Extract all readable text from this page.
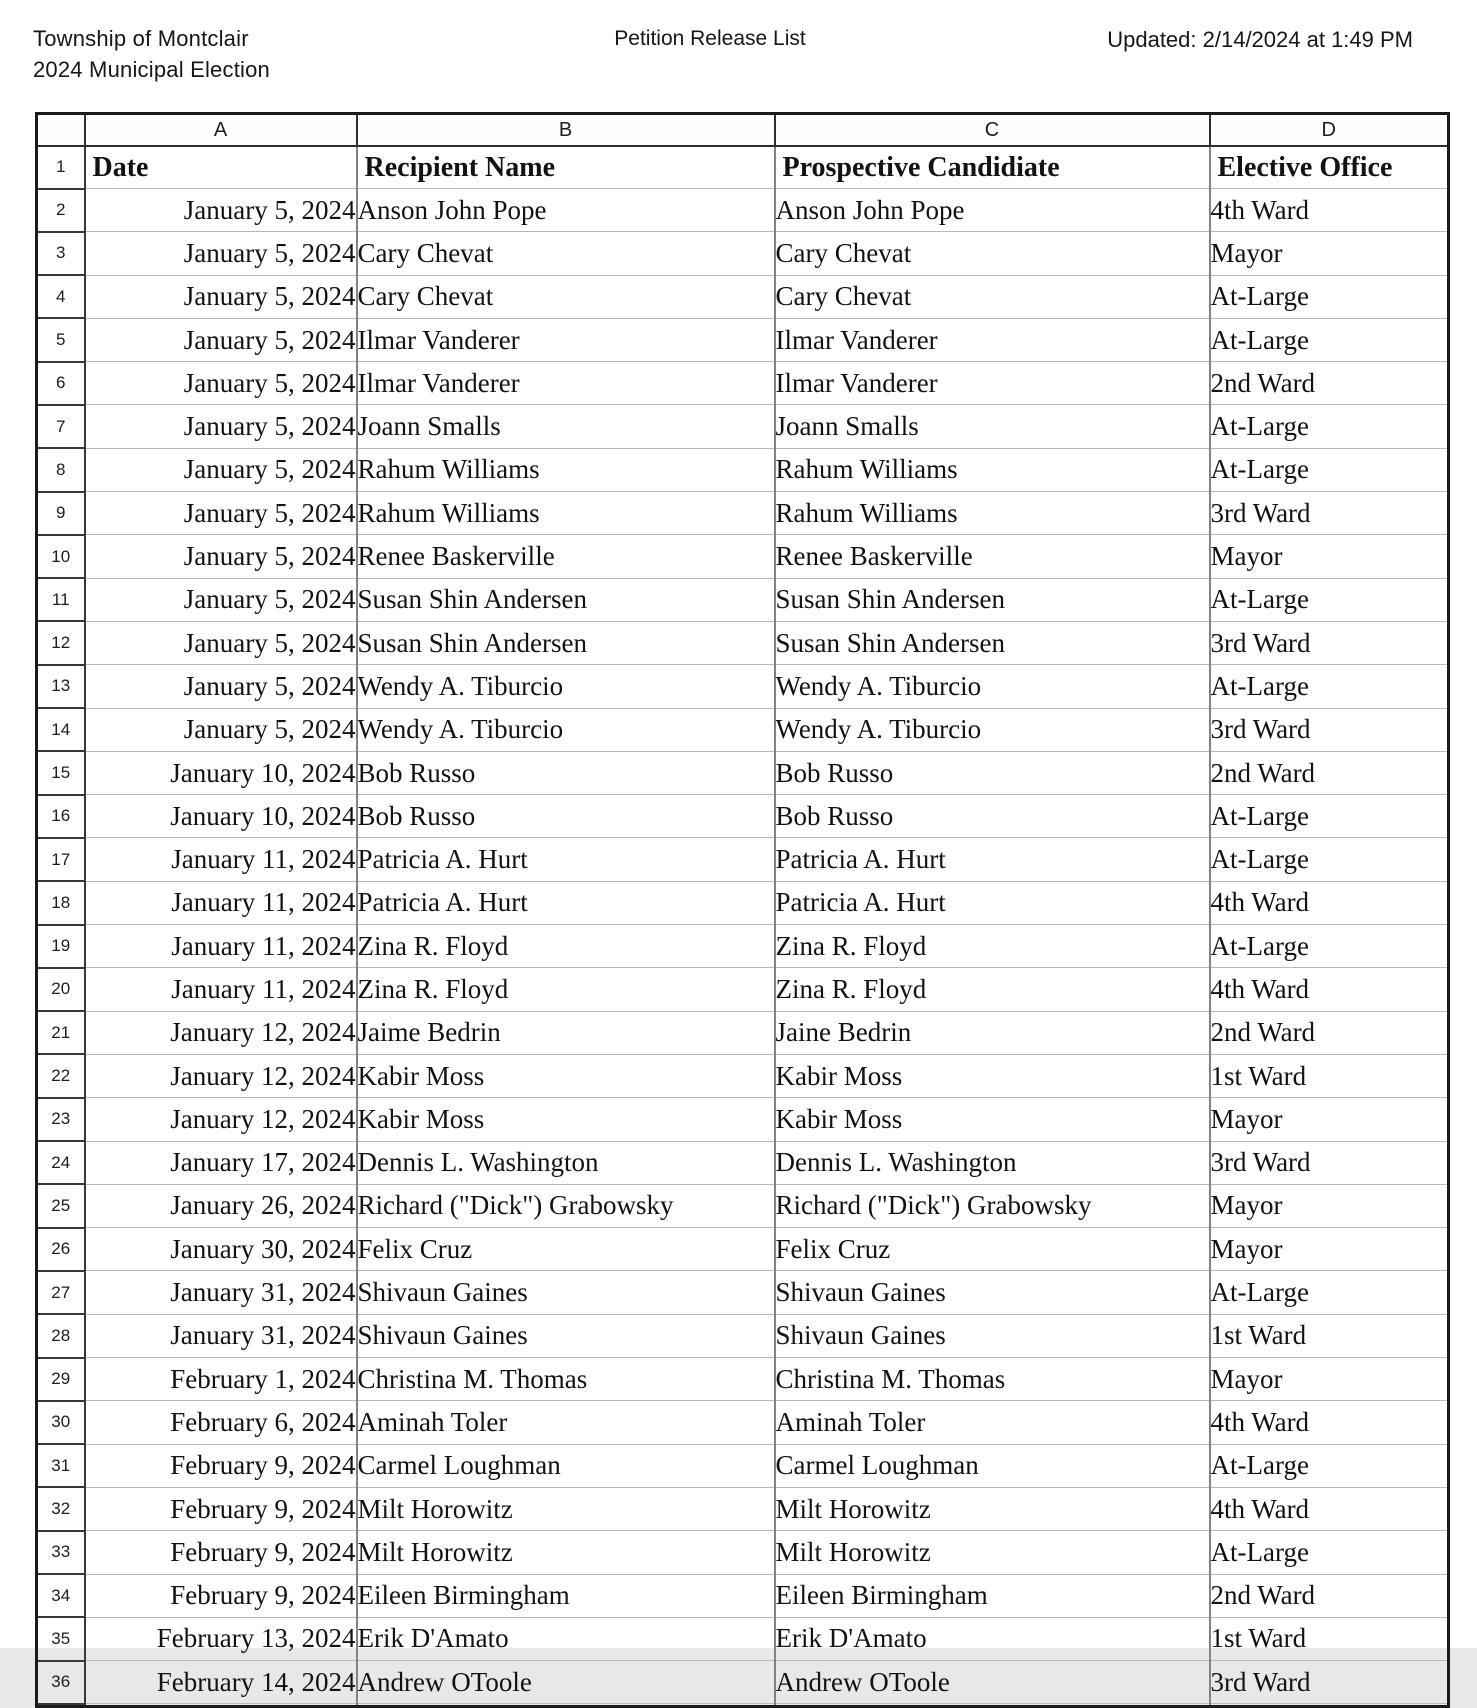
Township of Montclair
2024 Municipal Election
Petition Release List	Updated: 2/14/2024 at 1:49 PM
	A	B	C	D
1	Date	Recipient Name	Prospective Candidiate	Elective Office
2	January 5, 2024	Anson John Pope	Anson John Pope	4th Ward
3	January 5, 2024	Cary Chevat	Cary Chevat	Mayor
4	January 5, 2024	Cary Chevat	Cary Chevat	At-Large
5	January 5, 2024	Ilmar Vanderer	Ilmar Vanderer	At-Large
6	January 5, 2024	Ilmar Vanderer	Ilmar Vanderer	2nd Ward
7	January 5, 2024	Joann Smalls	Joann Smalls	At-Large
8	January 5, 2024	Rahum Williams	Rahum Williams	At-Large
9	January 5, 2024	Rahum Williams	Rahum Williams	3rd Ward
10	January 5, 2024	Renee Baskerville	Renee Baskerville	Mayor
11	January 5, 2024	Susan Shin Andersen	Susan Shin Andersen	At-Large
12	January 5, 2024	Susan Shin Andersen	Susan Shin Andersen	3rd Ward
13	January 5, 2024	Wendy A. Tiburcio	Wendy A. Tiburcio	At-Large
14	January 5, 2024	Wendy A. Tiburcio	Wendy A. Tiburcio	3rd Ward
15	January 10, 2024	Bob Russo	Bob Russo	2nd Ward
16	January 10, 2024	Bob Russo	Bob Russo	At-Large
17	January 11, 2024	Patricia A. Hurt	Patricia A. Hurt	At-Large
18	January 11, 2024	Patricia A. Hurt	Patricia A. Hurt	4th Ward
19	January 11, 2024	Zina R. Floyd	Zina R. Floyd	At-Large
20	January 11, 2024	Zina R. Floyd	Zina R. Floyd	4th Ward
21	January 12, 2024	Jaime Bedrin	Jaine Bedrin	2nd Ward
22	January 12, 2024	Kabir Moss	Kabir Moss	1st Ward
23	January 12, 2024	Kabir Moss	Kabir Moss	Mayor
24	January 17, 2024	Dennis L. Washington	Dennis L. Washington	3rd Ward
25	January 26, 2024	Richard ("Dick") Grabowsky	Richard ("Dick") Grabowsky	Mayor
26	January 30, 2024	Felix Cruz	Felix Cruz	Mayor
27	January 31, 2024	Shivaun Gaines	Shivaun Gaines	At-Large
28	January 31, 2024	Shivaun Gaines	Shivaun Gaines	1st Ward
29	February 1, 2024	Christina M. Thomas	Christina M. Thomas	Mayor
30	February 6, 2024	Aminah Toler	Aminah Toler	4th Ward
31	February 9, 2024	Carmel Loughman	Carmel Loughman	At-Large
32	February 9, 2024	Milt Horowitz	Milt Horowitz	4th Ward
33	February 9, 2024	Milt Horowitz	Milt Horowitz	At-Large
34	February 9, 2024	Eileen Birmingham	Eileen Birmingham	2nd Ward
35	February 13, 2024	Erik D'Amato	Erik D'Amato	1st Ward
36	February 14, 2024	Andrew OToole	Andrew OToole	3rd Ward
